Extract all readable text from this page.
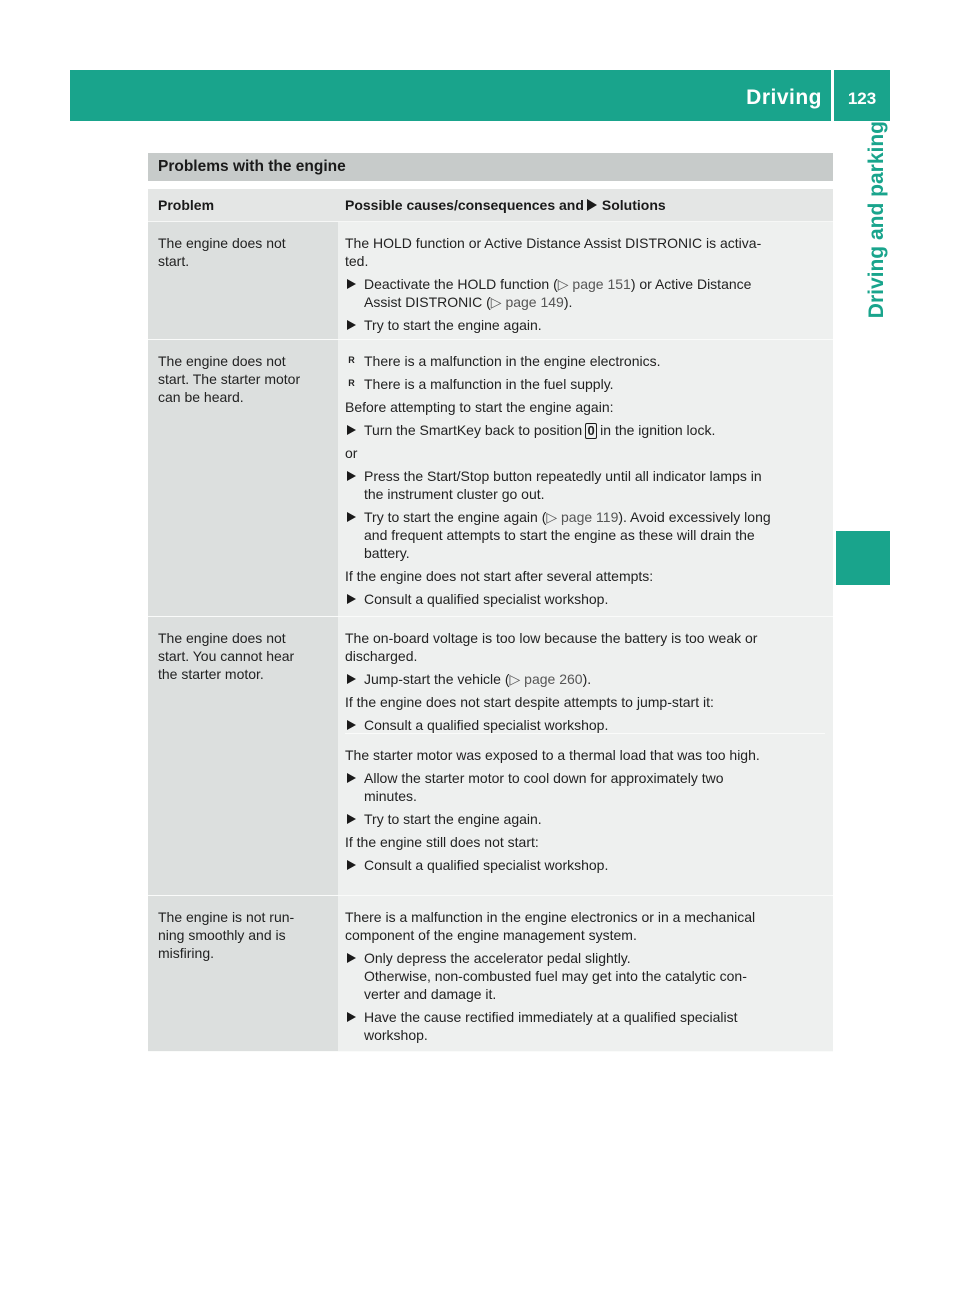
Driving	123
Driving and parking
Problems with the engine
Problem	Possible causes/consequences and Solutions
The engine does not
start.

The HOLD function or Active Distance Assist DISTRONIC is activa-
ted.

Deactivate the HOLD function (▷ page 151) or Active Distance
Assist DISTRONIC (▷ page 149).

Try to start the engine again.

The engine does not
start. The starter motor
can be heard.

R There is a malfunction in the engine electronics.

R There is a malfunction in the fuel supply.

Before attempting to start the engine again:

Turn the SmartKey back to position 0 in the ignition lock.

or

Press the Start/Stop button repeatedly until all indicator lamps in
the instrument cluster go out.

Try to start the engine again (▷ page 119). Avoid excessively long
and frequent attempts to start the engine as these will drain the
battery.

If the engine does not start after several attempts:

Consult a qualified specialist workshop.

The engine does not
start. You cannot hear
the starter motor.

The on-board voltage is too low because the battery is too weak or
discharged.

Jump-start the vehicle (▷ page 260).

If the engine does not start despite attempts to jump-start it:

Consult a qualified specialist workshop.

The starter motor was exposed to a thermal load that was too high.

Allow the starter motor to cool down for approximately two
minutes.

Try to start the engine again.

If the engine still does not start:

Consult a qualified specialist workshop.

The engine is not run-
ning smoothly and is
misfiring.

There is a malfunction in the engine electronics or in a mechanical
component of the engine management system.

Only depress the accelerator pedal slightly.
Otherwise, non-combusted fuel may get into the catalytic con-
verter and damage it.

Have the cause rectified immediately at a qualified specialist
workshop.
